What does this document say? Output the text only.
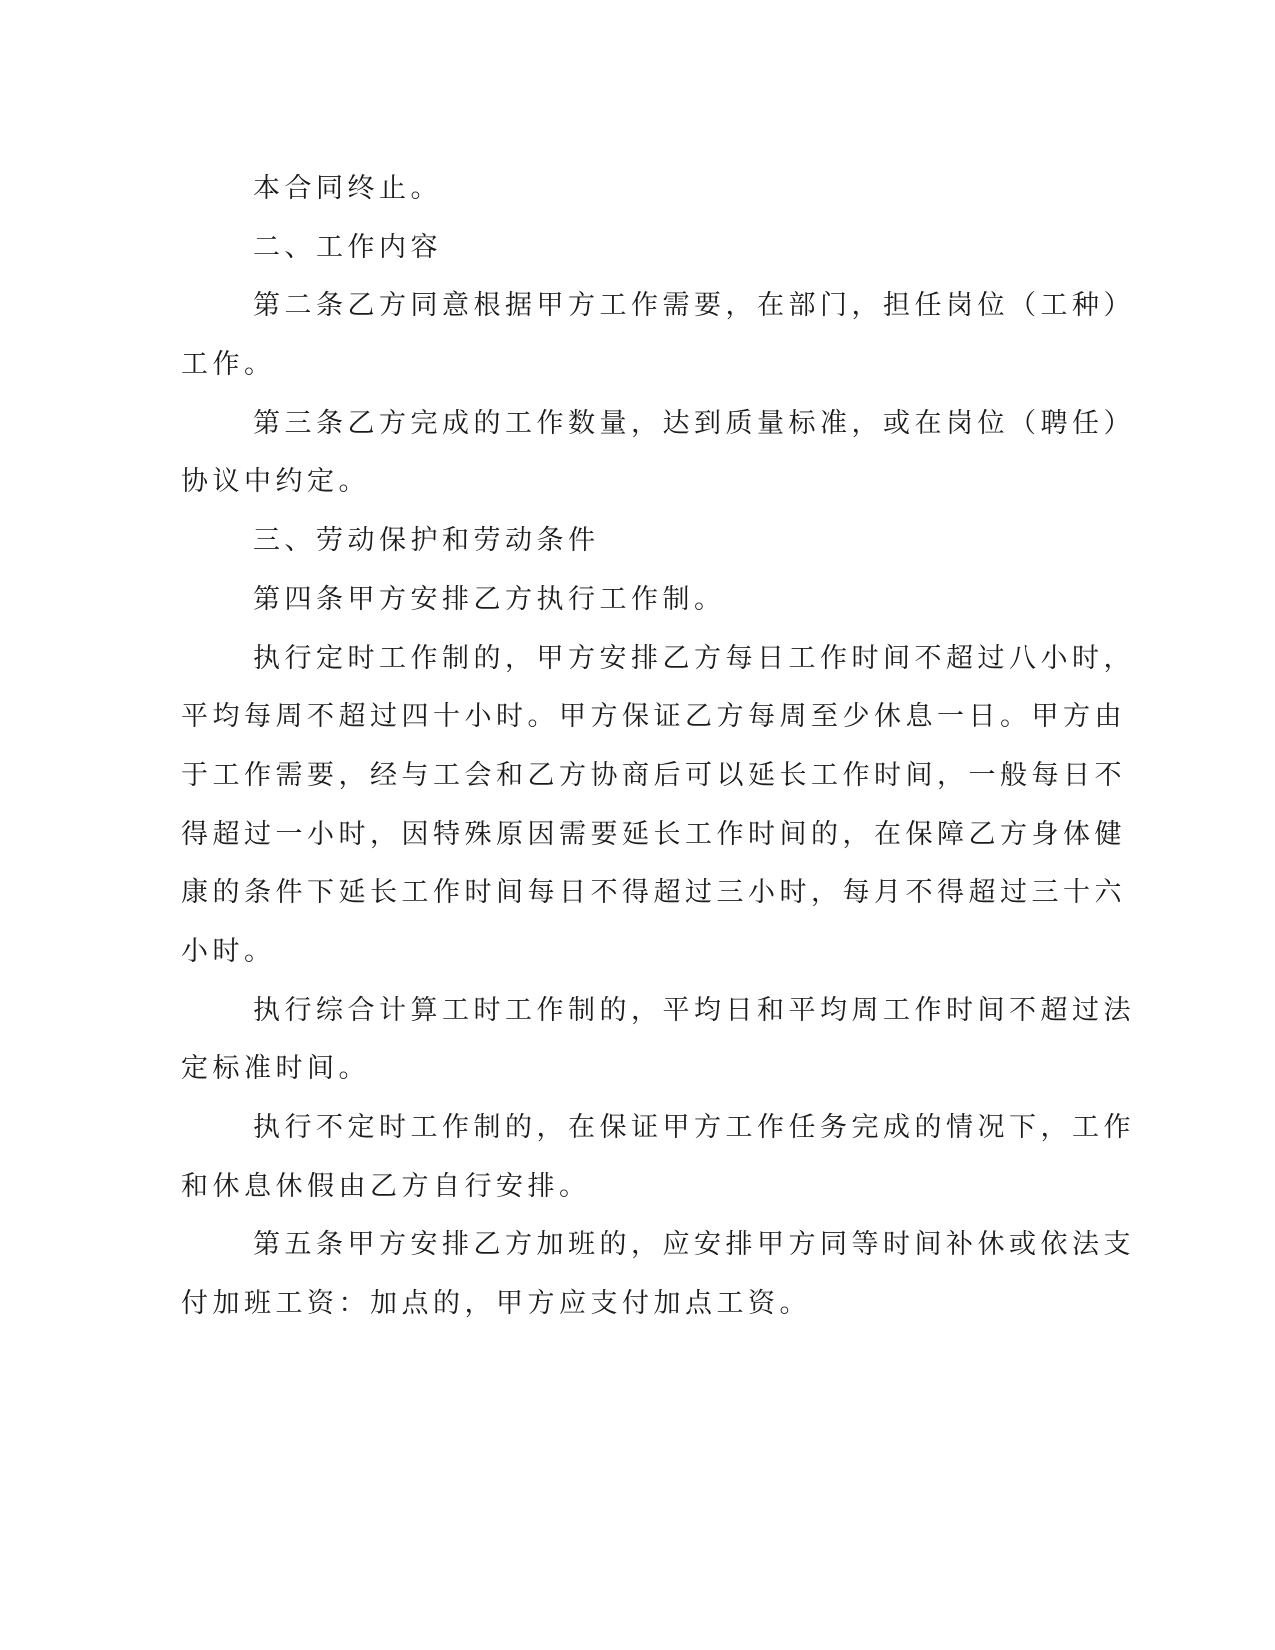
本合同终止。
二、工作内容
第二条乙方同意根据甲方工作需要，在部门，担任岗位（工种）
工作。
第三条乙方完成的工作数量，达到质量标准，或在岗位（聘任）
协议中约定。
三、劳动保护和劳动条件
第四条甲方安排乙方执行工作制。
执行定时工作制的，甲方安排乙方每日工作时间不超过八小时，
平均每周不超过四十小时。甲方保证乙方每周至少休息一日。甲方由
于工作需要，经与工会和乙方协商后可以延长工作时间，一般每日不
得超过一小时，因特殊原因需要延长工作时间的，在保障乙方身体健
康的条件下延长工作时间每日不得超过三小时，每月不得超过三十六
小时。
执行综合计算工时工作制的，平均日和平均周工作时间不超过法
定标准时间。
执行不定时工作制的，在保证甲方工作任务完成的情况下，工作
和休息休假由乙方自行安排。
第五条甲方安排乙方加班的，应安排甲方同等时间补休或依法支
付加班工资：加点的，甲方应支付加点工资。
